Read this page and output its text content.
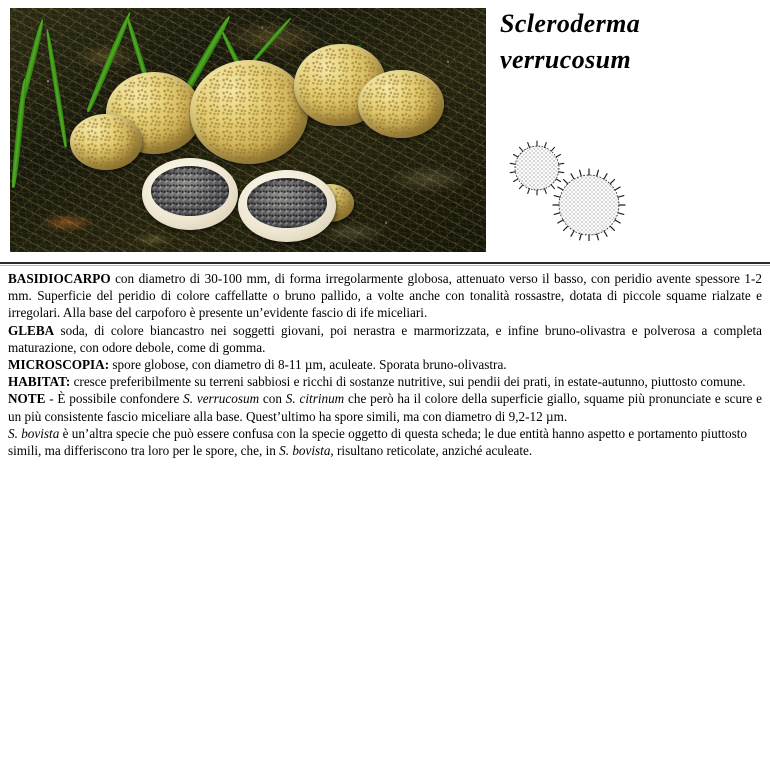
Scleroderma
verrucosum

BASIDIOCARPO con diametro di 30-100 mm, di forma irregolarmente globosa, attenuato verso il basso, con peridio avente spessore 1-2 mm. Superficie del peridio di colore caffellatte o bruno pallido, a volte anche con tonalità rossastre, dotata di piccole squame rialzate e irregolari. Alla base del carpoforo è presente un’evidente fascio di ife miceliari.

GLEBA soda, di colore biancastro nei soggetti giovani, poi nerastra e marmorizzata, e infine bruno-olivastra e polverosa a completa maturazione, con odore debole, come di gomma.

MICROSCOPIA: spore globose, con diametro di 8-11 µm, aculeate. Sporata bruno-olivastra.

HABITAT: cresce preferibilmente su terreni sabbiosi e ricchi di sostanze nutritive, sui pendii dei prati, in estate-autunno, piuttosto comune.

NOTE - È possibile confondere S. verrucosum con S. citrinum che però ha il colore della superficie giallo, squame più pronunciate e scure e un più consistente fascio miceliare alla base. Quest’ultimo ha spore simili, ma con diametro di 9,2-12 µm.

S. bovista è un’altra specie che può essere confusa con la specie oggetto di questa scheda; le due entità hanno aspetto e portamento piuttosto simili, ma differiscono tra loro per le spore, che, in S. bovista, risultano reticolate, anziché aculeate.
